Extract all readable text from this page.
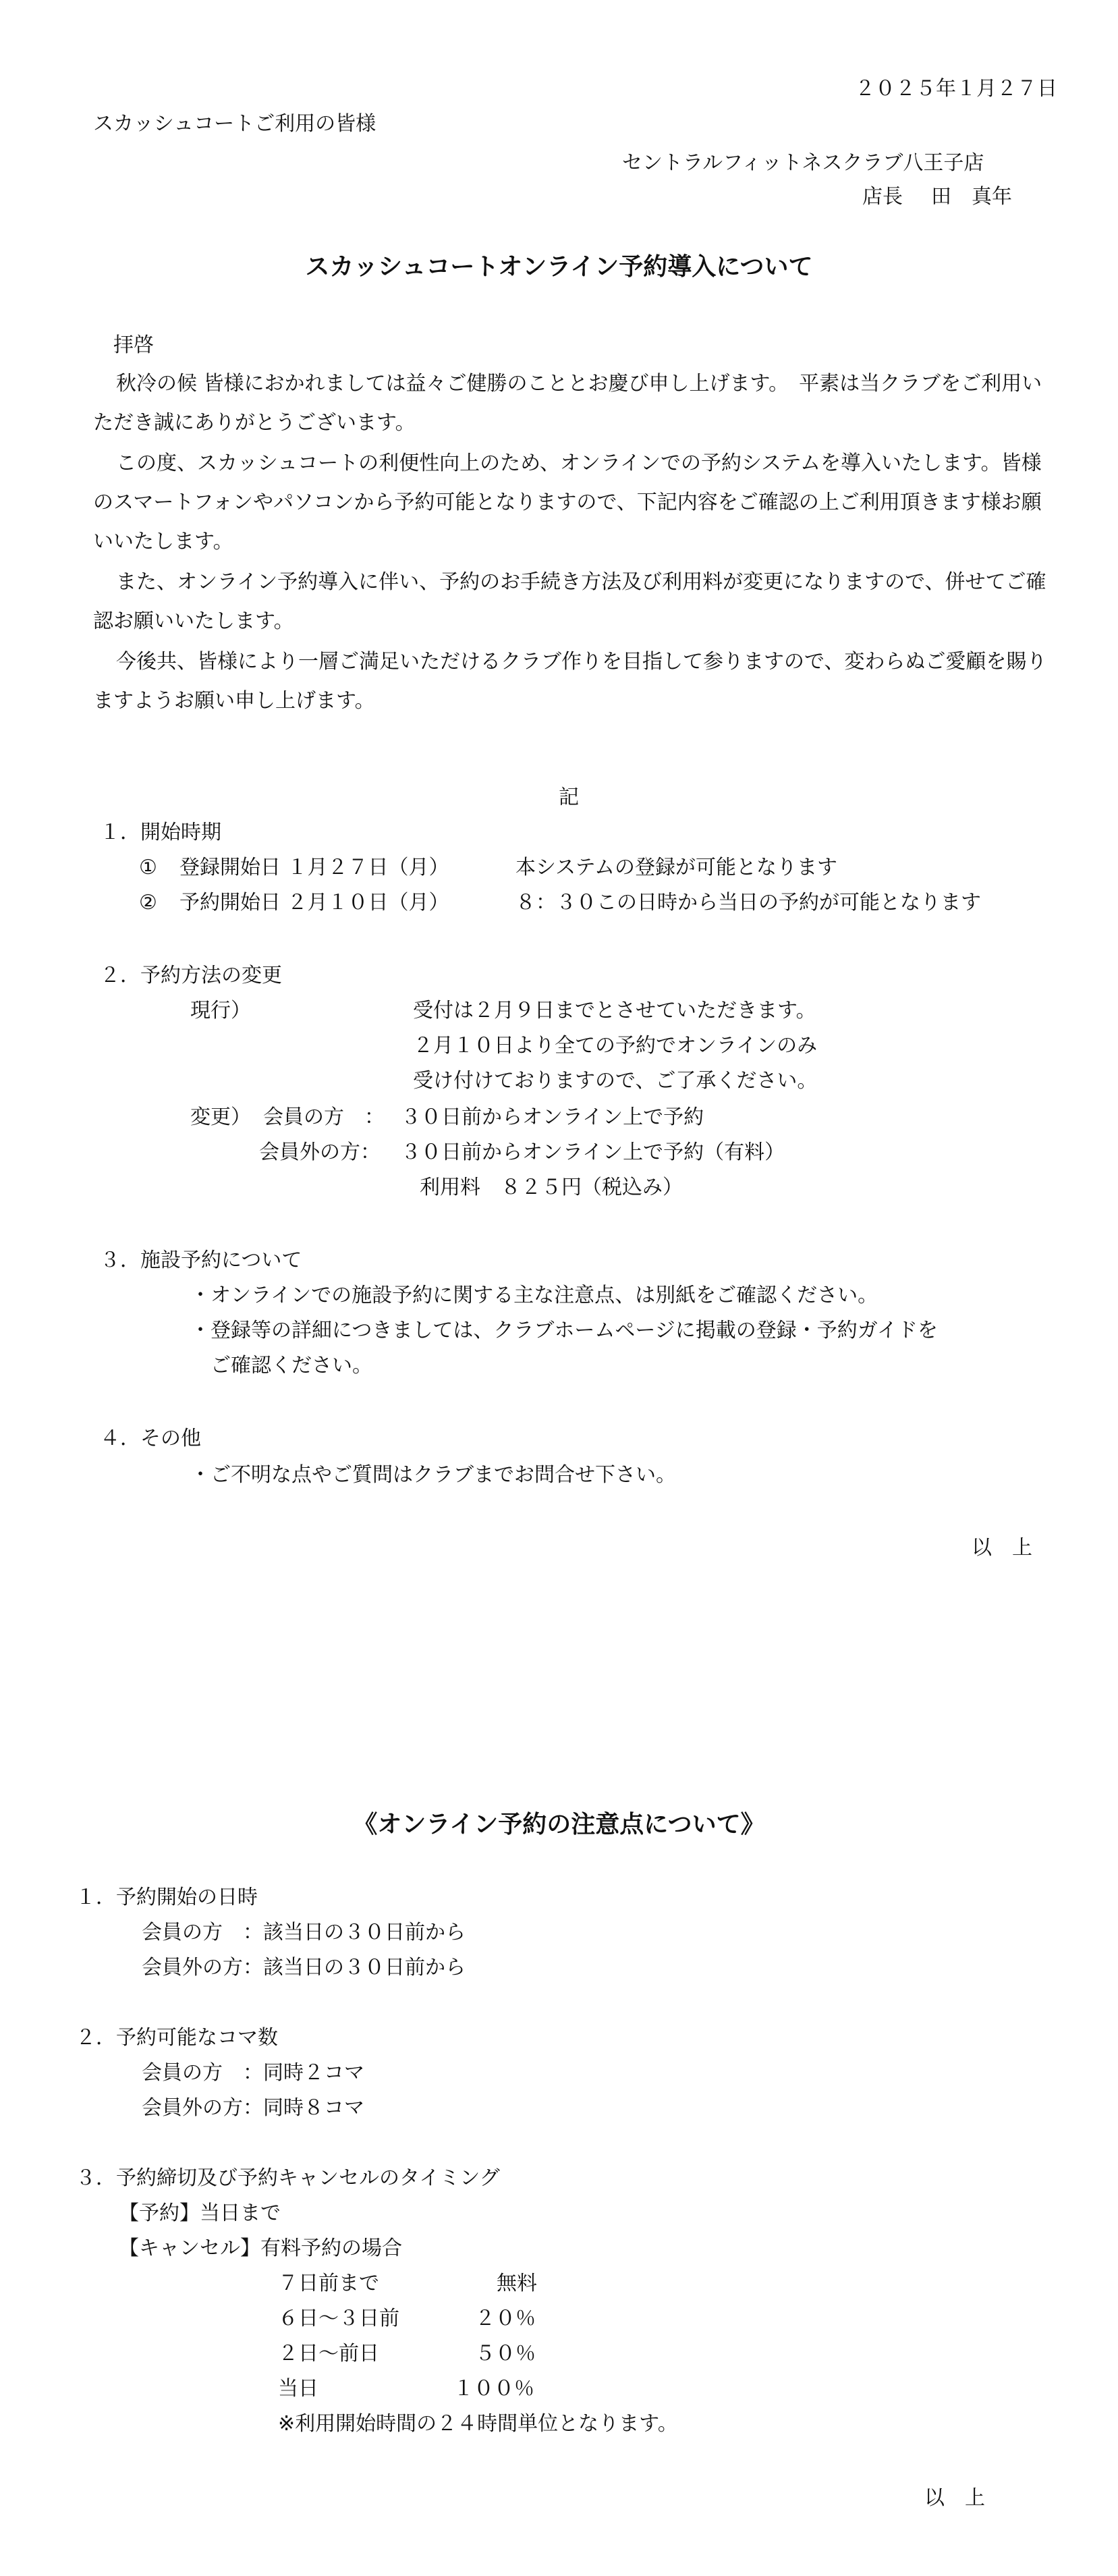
２０２５年１月２７日
スカッシュコートご利用の皆様
セントラルフィットネスクラブ八王子店
店長 田　真年
スカッシュコートオンライン予約導入について
拝啓
秋冷の候 皆様におかれましては益々ご健勝のこととお慶び申し上げます。　平素は当クラブをご利用いただき誠にありがとうございます。
この度、スカッシュコートの利便性向上のため、オンラインでの予約システムを導入いたします。皆様のスマートフォンやパソコンから予約可能となりますので、下記内容をご確認の上ご利用頂きます様お願いいたします。
また、オンライン予約導入に伴い、予約のお手続き方法及び利用料が変更になりますので、併せてご確認お願いいたします。
今後共、皆様により一層ご満足いただけるクラブ作りを目指して参りますので、変わらぬご愛顧を賜りますようお願い申し上げます。
記
１．開始時期
① 登録開始日 １月２７日（月）	本システムの登録が可能となります
② 予約開始日 ２月１０日（月）	８：３０この日時から当日の予約が可能となります
２．予約方法の変更
現行）	受付は２月９日までとさせていただきます。
２月１０日より全ての予約でオンラインのみ
受け付けておりますので、ご了承ください。
変更） 会員の方　： ３０日前からオンライン上で予約
会員外の方： ３０日前からオンライン上で予約（有料）
利用料　８２５円（税込み）
３．施設予約について
・オンラインでの施設予約に関する主な注意点、は別紙をご確認ください。
・登録等の詳細につきましては、クラブホームページに掲載の登録・予約ガイドを
ご確認ください。
４．その他
・ご不明な点やご質問はクラブまでお問合せ下さい。
以　上
《オンライン予約の注意点について》
１．予約開始の日時
会員の方　：該当日の３０日前から
会員外の方：該当日の３０日前から
２．予約可能なコマ数
会員の方　：同時２コマ
会員外の方：同時８コマ
３．予約締切及び予約キャンセルのタイミング
【予約】当日まで
【キャンセル】有料予約の場合
７日前まで	無料
６日～３日前	２０％
２日～前日	５０％
当日	１００％
※利用開始時間の２４時間単位となります。
以　上
